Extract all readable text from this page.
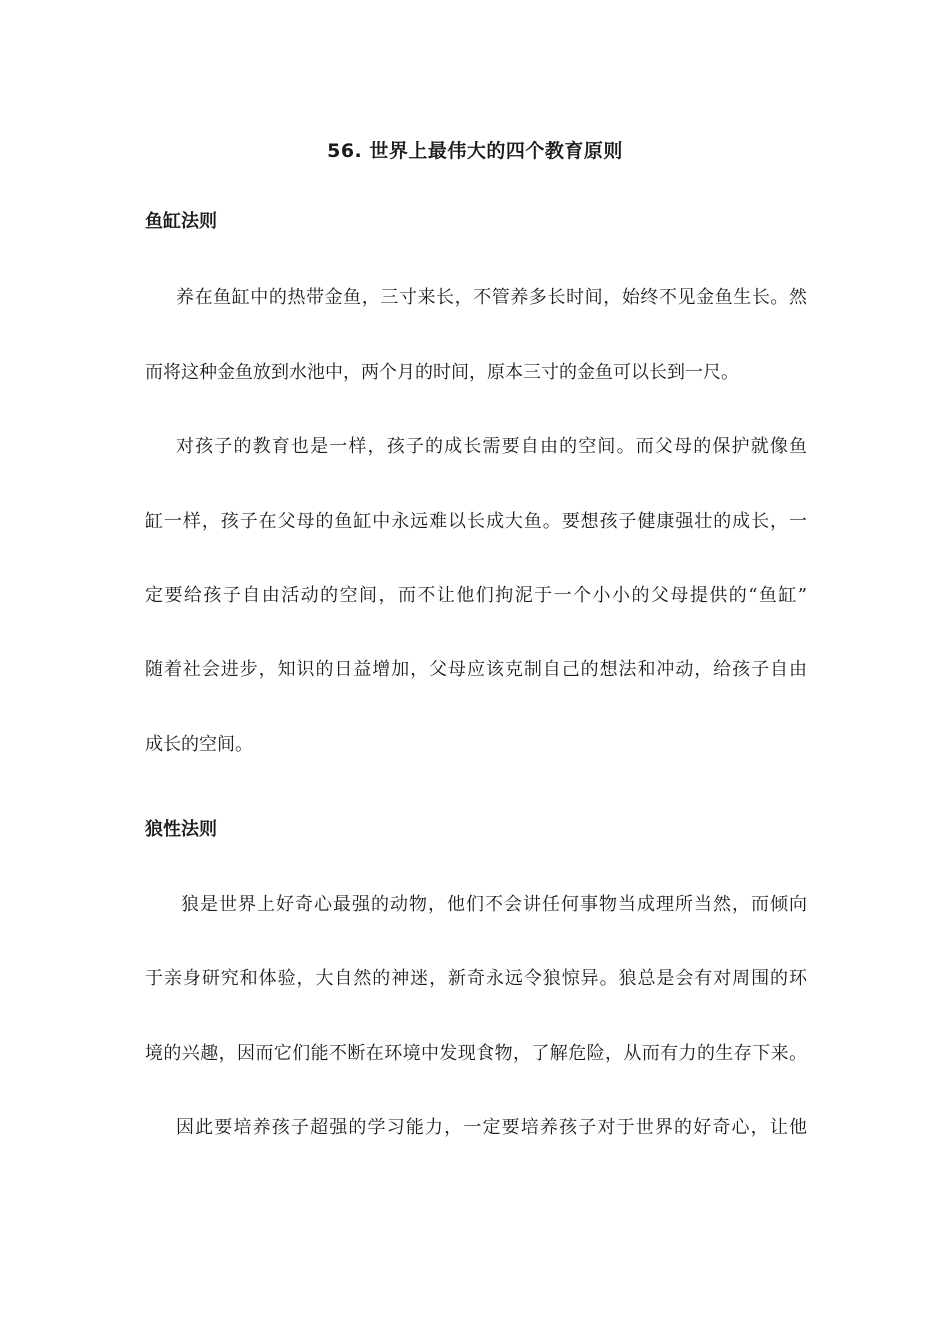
56. 世界上最伟大的四个教育原则
鱼缸法则
养在鱼缸中的热带金鱼，三寸来长，不管养多长时间，始终不见金鱼生长。然
而将这种金鱼放到水池中，两个月的时间，原本三寸的金鱼可以长到一尺。
对孩子的教育也是一样，孩子的成长需要自由的空间。而父母的保护就像鱼
缸一样，孩子在父母的鱼缸中永远难以长成大鱼。要想孩子健康强壮的成长，一
定要给孩子自由活动的空间，而不让他们拘泥于一个小小的父母提供的“鱼缸”
随着社会进步，知识的日益增加，父母应该克制自己的想法和冲动，给孩子自由
成长的空间。
狼性法则
狼是世界上好奇心最强的动物，他们不会讲任何事物当成理所当然，而倾向
于亲身研究和体验，大自然的神迷，新奇永远令狼惊异。狼总是会有对周围的环
境的兴趣，因而它们能不断在环境中发现食物，了解危险，从而有力的生存下来。
因此要培养孩子超强的学习能力，一定要培养孩子对于世界的好奇心，让他
